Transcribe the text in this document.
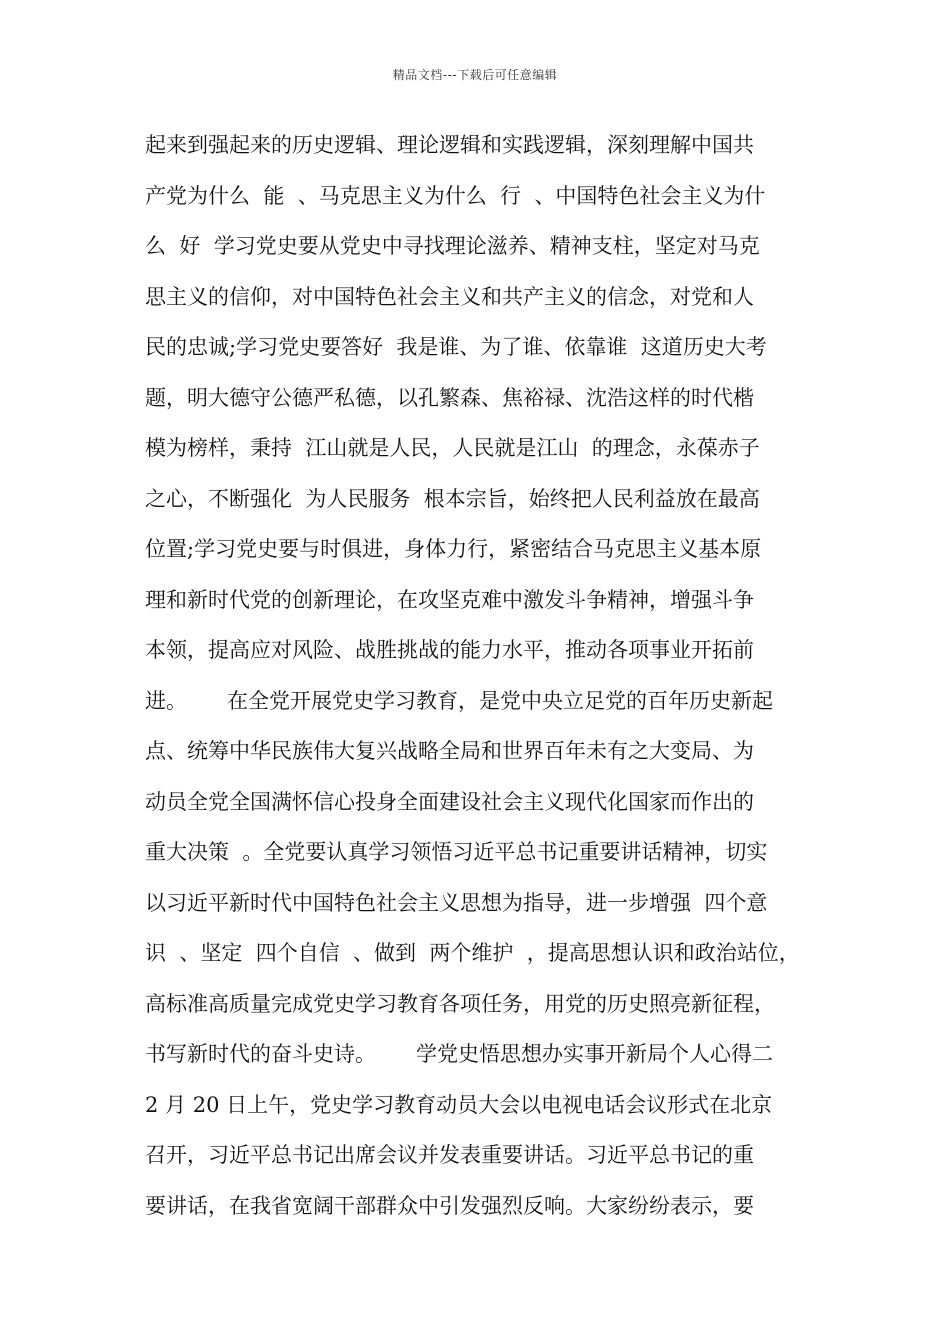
精品文档---下载后可任意编辑
起来到强起来的历史逻辑、理论逻辑和实践逻辑，深刻理解中国共
产党为什么  能  、马克思主义为什么  行  、中国特色社会主义为什
么  好  学习党史要从党史中寻找理论滋养、精神支柱，坚定对马克
思主义的信仰，对中国特色社会主义和共产主义的信念，对党和人
民的忠诚;学习党史要答好  我是谁、为了谁、依靠谁  这道历史大考
题，明大德守公德严私德，以孔繁森、焦裕禄、沈浩这样的时代楷
模为榜样，秉持  江山就是人民，人民就是江山  的理念，永葆赤子
之心，不断强化  为人民服务  根本宗旨，始终把人民利益放在最高
位置;学习党史要与时俱进，身体力行，紧密结合马克思主义基本原
理和新时代党的创新理论，在攻坚克难中激发斗争精神，增强斗争
本领，提高应对风险、战胜挑战的能力水平，推动各项事业开拓前
进。      在全党开展党史学习教育，是党中央立足党的百年历史新起
点、统筹中华民族伟大复兴战略全局和世界百年未有之大变局、为
动员全党全国满怀信心投身全面建设社会主义现代化国家而作出的
重大决策  。全党要认真学习领悟习近平总书记重要讲话精神，切实
以习近平新时代中国特色社会主义思想为指导，进一步增强  四个意
识  、坚定  四个自信  、做到  两个维护  ，提高思想认识和政治站位，
高标准高质量完成党史学习教育各项任务，用党的历史照亮新征程，
书写新时代的奋斗史诗。      学党史悟思想办实事开新局个人心得二
2 月 20 日上午，党史学习教育动员大会以电视电话会议形式在北京
召开，习近平总书记出席会议并发表重要讲话。习近平总书记的重
要讲话，在我省宽阔干部群众中引发强烈反响。大家纷纷表示，要
